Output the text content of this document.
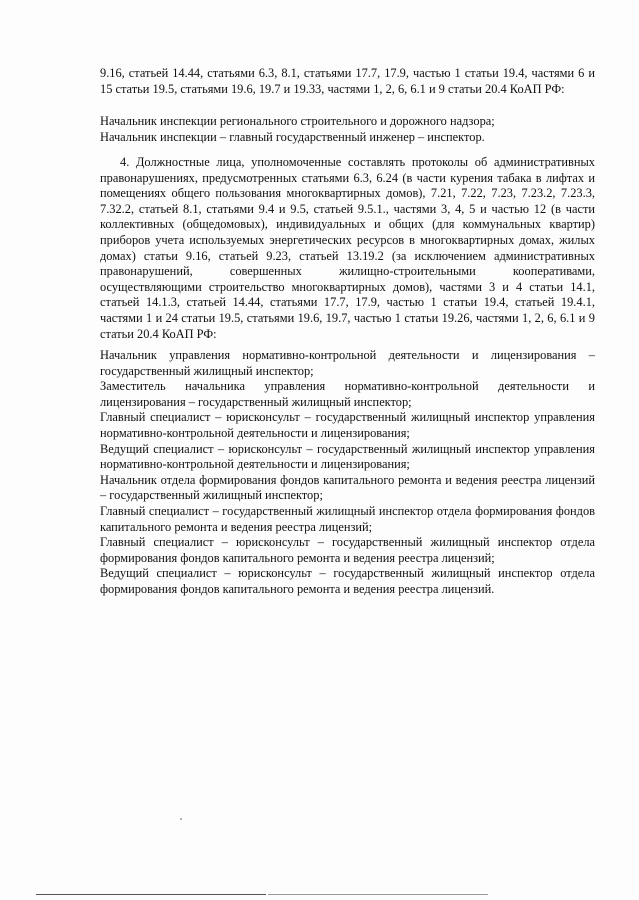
9.16, статьей 14.44, статьями 6.3, 8.1, статьями 17.7, 17.9, частью 1 статьи 19.4, частями 6 и 15 статьи 19.5, статьями 19.6, 19.7 и 19.33, частями 1, 2, 6, 6.1 и 9 статьи 20.4 КоАП РФ:

Начальник инспекции регионального строительного и дорожного надзора;
Начальник инспекции – главный государственный инженер – инспектор.

4. Должностные лица, уполномоченные составлять протоколы об административных правонарушениях, предусмотренных статьями 6.3, 6.24 (в части курения табака в лифтах и помещениях общего пользования многоквартирных домов), 7.21, 7.22, 7.23, 7.23.2, 7.23.3, 7.32.2, статьей 8.1, статьями 9.4 и 9.5, статьей 9.5.1., частями 3, 4, 5 и частью 12 (в части коллективных (общедомовых), индивидуальных и общих (для коммунальных квартир) приборов учета используемых энергетических ресурсов в многоквартирных домах, жилых домах) статьи 9.16, статьей 9.23, статьей 13.19.2 (за исключением административных правонарушений, совершенных жилищно-строительными кооперативами, осуществляющими строительство многоквартирных домов), частями 3 и 4 статьи 14.1, статьей 14.1.3, статьей 14.44, статьями 17.7, 17.9, частью 1 статьи 19.4, статьей 19.4.1, частями 1 и 24 статьи 19.5, статьями 19.6, 19.7, частью 1 статьи 19.26, частями 1, 2, 6, 6.1 и 9 статьи 20.4 КоАП РФ:

Начальник управления нормативно-контрольной деятельности и лицензирования – государственный жилищный инспектор;
Заместитель начальника управления нормативно-контрольной деятельности и лицензирования – государственный жилищный инспектор;
Главный специалист – юрисконсульт – государственный жилищный инспектор управления нормативно-контрольной деятельности и лицензирования;
Ведущий специалист – юрисконсульт – государственный жилищный инспектор управления нормативно-контрольной деятельности и лицензирования;
Начальник отдела формирования фондов капитального ремонта и ведения реестра лицензий – государственный жилищный инспектор;
Главный специалист – государственный жилищный инспектор отдела формирования фондов капитального ремонта и ведения реестра лицензий;
Главный специалист – юрисконсульт – государственный жилищный инспектор отдела формирования фондов капитального ремонта и ведения реестра лицензий;
Ведущий специалист – юрисконсульт – государственный жилищный инспектор отдела формирования фондов капитального ремонта и ведения реестра лицензий.
